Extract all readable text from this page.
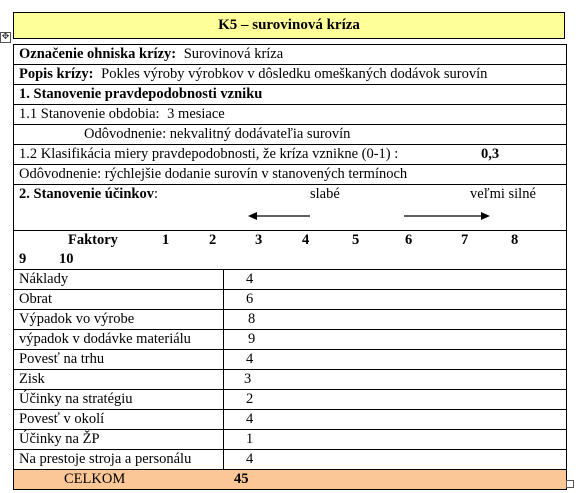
K5 – surovinová kríza
✥
Označenie ohniska krízy: Surovinová kríza
Popis krízy: Pokles výroby výrobkov v dôsledku omeškaných dodávok surovín
1. Stanovenie pravdepodobnosti vzniku
1.1 Stanovenie obdobia: 3 mesiace
Odôvodnenie: nekvalitný dodávateľia surovín
1.2 Klasifikácia miery pravdepodobnosti, že kríza vznikne (0-1) :	0,3
Odôvodnenie: rýchlejšie dodanie surovín v stanovených termínoch
2. Stanovenie účinkov:	slabé	veľmi silné
Faktory	1	2	3	4	5	6	7	8
9 10
Náklady	4
Obrat	6
Výpadok vo výrobe	8
výpadok v dodávke materiálu	9
Povesť na trhu	4
Zisk	3
Účinky na stratégiu	2
Povesť v okolí	4
Účinky na ŽP	1
Na prestoje stroja a personálu	4
CELKOM	45
